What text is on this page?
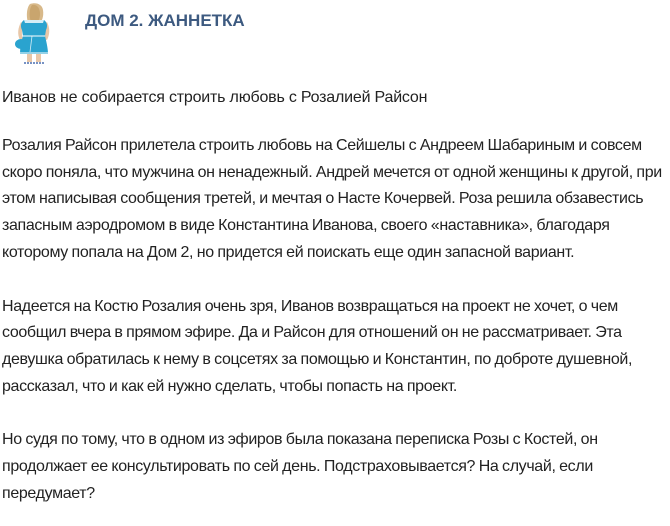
ДОМ 2. ЖАННЕТКА
Иванов не собирается строить любовь с Розалией Райсон

Розалия Райсон прилетела строить любовь на Сейшелы с Андреем Шабариным и совсем скоро поняла, что мужчина он ненадежный. Андрей мечется от одной женщины к другой, при этом написывая сообщения третей, и мечтая о Насте Кочервей. Роза решила обзавестись запасным аэродромом в виде Константина Иванова, своего «наставника», благодаря которому попала на Дом 2, но придется ей поискать еще один запасной вариант.

Надеется на Костю Розалия очень зря, Иванов возвращаться на проект не хочет, о чем сообщил вчера в прямом эфире. Да и Райсон для отношений он не рассматривает. Эта девушка обратилась к нему в соцсетях за помощью и Константин, по доброте душевной, рассказал, что и как ей нужно сделать, чтобы попасть на проект.

Но судя по тому, что в одном из эфиров была показана переписка Розы с Костей, он продолжает ее консультировать по сей день. Подстраховывается? На случай, если передумает?
